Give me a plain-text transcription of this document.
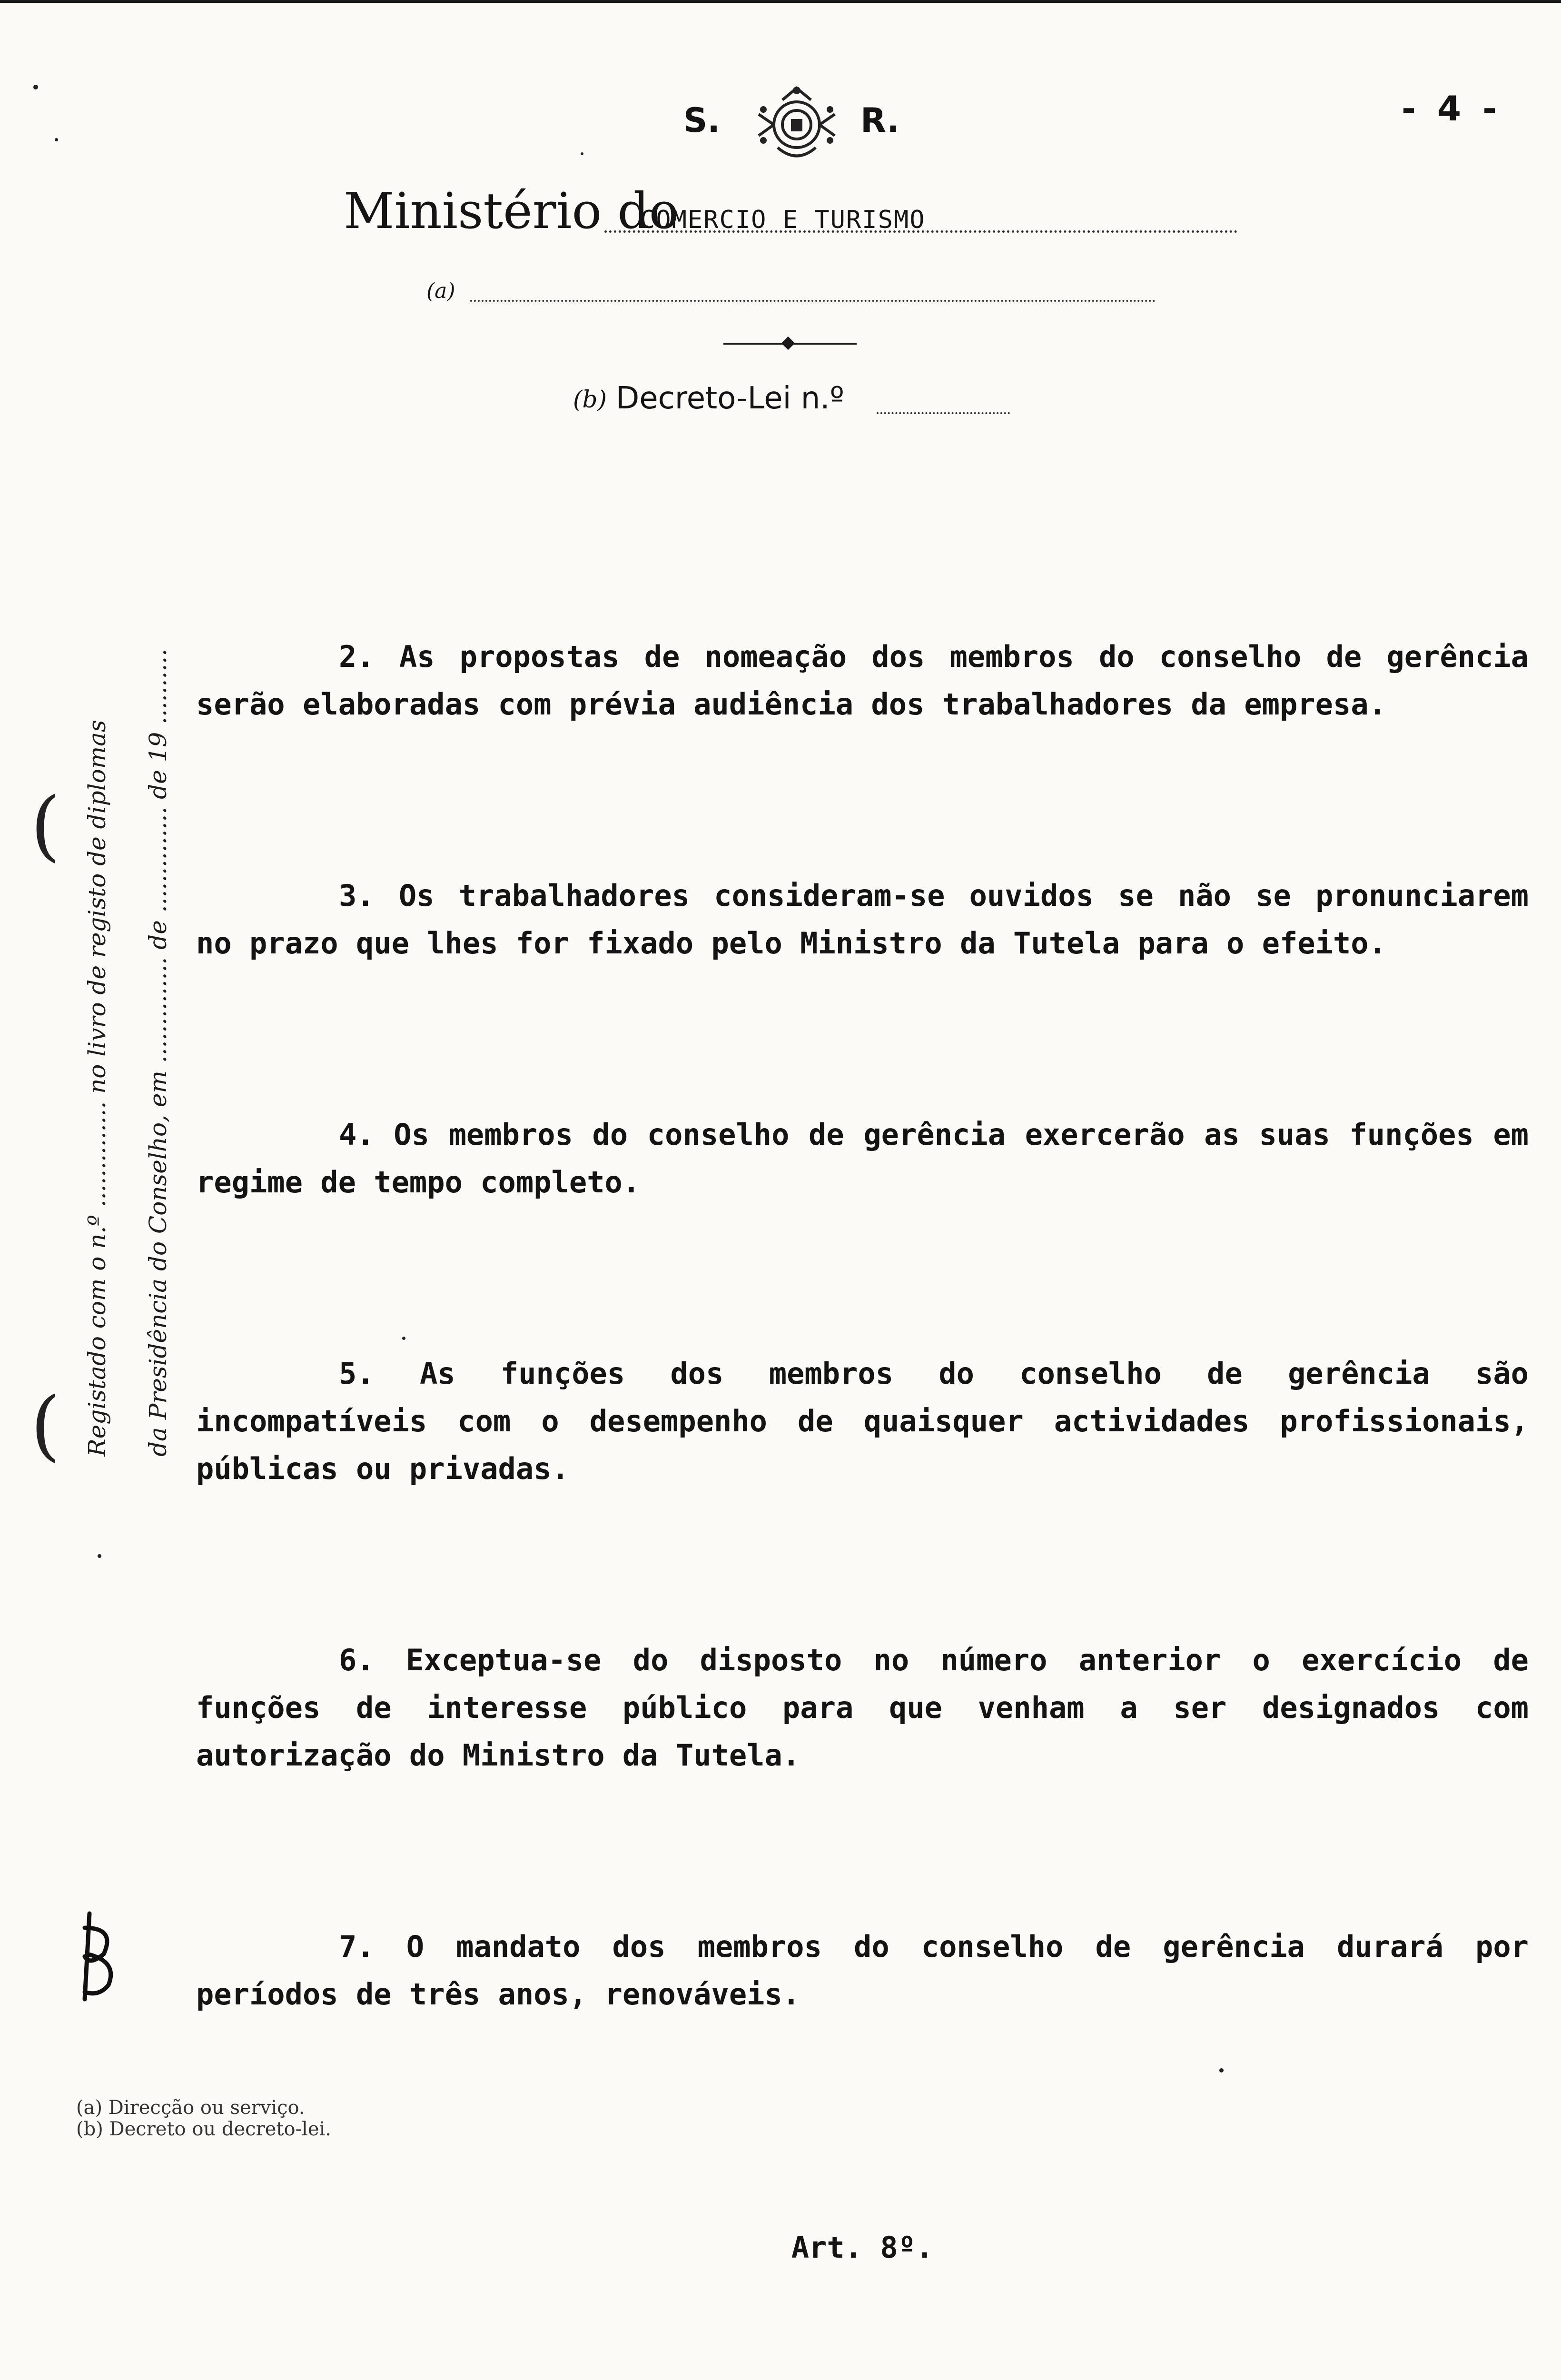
S.	R.	- 4 -
Ministério do
COMERCIO E TURISMO
(a)
(b) Decreto-Lei n.º
Registado com o n.º .............. no livro de registo de diplomas	da Presidência do Conselho, em .............. de .............. de 19 ..........
(
(

2. As propostas de nomeação dos membros do conselho de gerência serão elaboradas com prévia audiência dos trabalhadores da empresa.

3. Os trabalhadores consideram-se ouvidos se não se pronunciarem no prazo que lhes for fixado pelo Ministro da Tutela para o efeito.

4. Os membros do conselho de gerência exercerão as suas funções em regime de tempo completo.

5. As funções dos membros do conselho de gerência são incompatíveis com o desempenho de quaisquer actividades profissionais, públicas ou privadas.

6. Exceptua-se do disposto no número anterior o exercício de funções de interesse público para que venham a ser designados com autorização do Ministro da Tutela.

7. O mandato dos membros do conselho de gerência durará por períodos de três anos, renováveis.

Art. 8º.

(a) Direcção ou serviço.
(b) Decreto ou decreto-lei.
